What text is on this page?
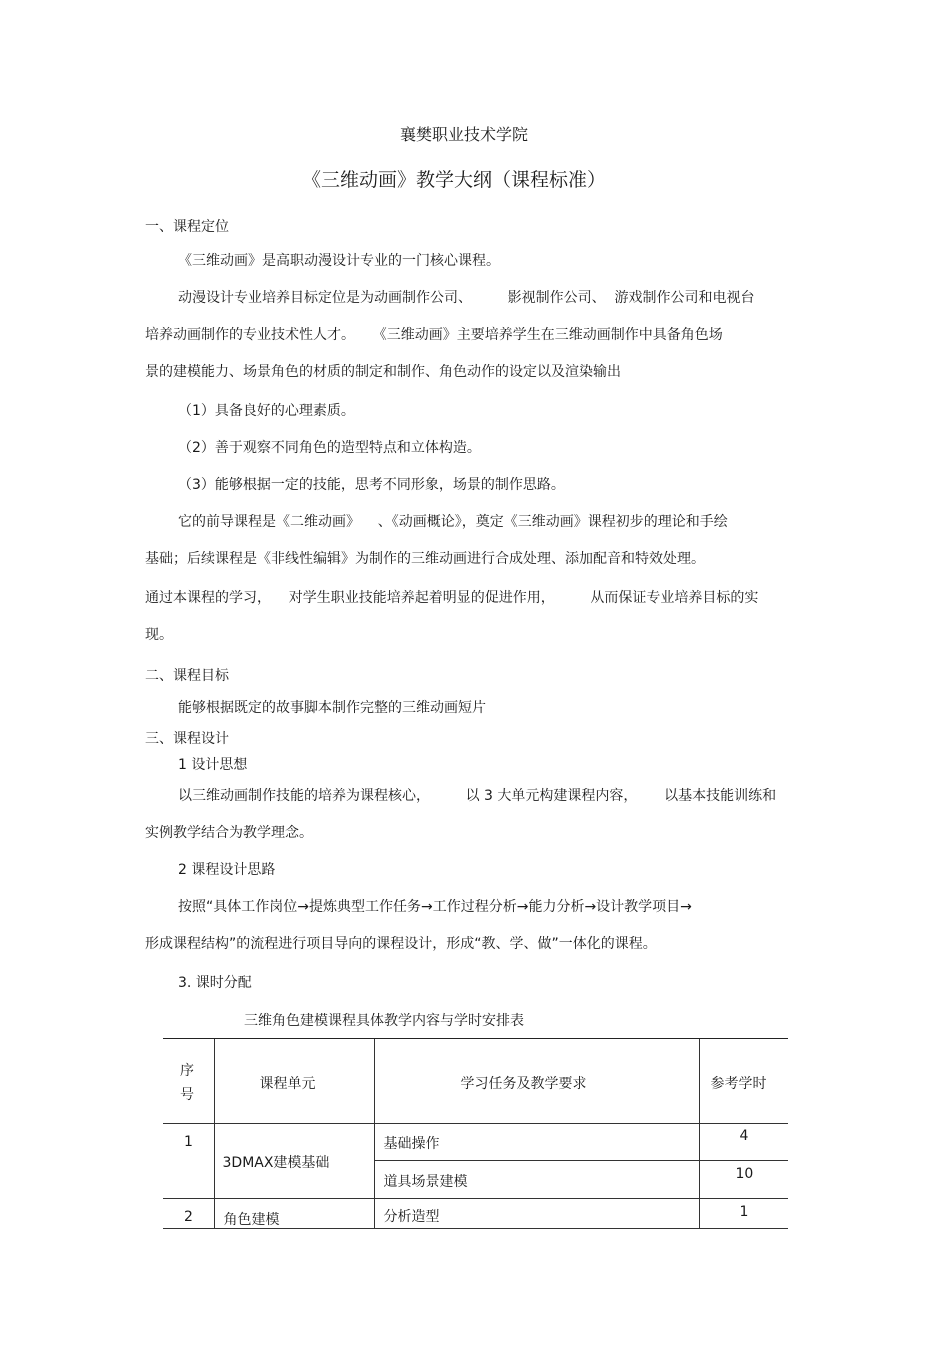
襄樊职业技术学院
《三维动画》教学大纲（课程标准）
一、课程定位
《三维动画》是高职动漫设计专业的一门核心课程。
动漫设计专业培养目标定位是为动画制作公司、        影视制作公司、  游戏制作公司和电视台
培养动画制作的专业技术性人才。    《三维动画》主要培养学生在三维动画制作中具备角色场
景的建模能力、场景角色的材质的制定和制作、角色动作的设定以及渲染输出
（1）具备良好的心理素质。
（2）善于观察不同角色的造型特点和立体构造。
（3）能够根据一定的技能，思考不同形象，场景的制作思路。
它的前导课程是《二维动画》    、《动画概论》，奠定《三维动画》课程初步的理论和手绘
基础；后续课程是《非线性编辑》为制作的三维动画进行合成处理、添加配音和特效处理。
通过本课程的学习，    对学生职业技能培养起着明显的促进作用，        从而保证专业培养目标的实
现。
二、课程目标
能够根据既定的故事脚本制作完整的三维动画短片
三、课程设计
1 设计思想
以三维动画制作技能的培养为课程核心，        以 3 大单元构建课程内容，      以基本技能训练和
实例教学结合为教学理念。
2 课程设计思路
按照“具体工作岗位→提炼典型工作任务→工作过程分析→能力分析→设计教学项目→
形成课程结构”的流程进行项目导向的课程设计，形成“教、学、做”一体化的课程。
3. 课时分配
三维角色建模课程具体教学内容与学时安排表
序
号	课程单元	学习任务及教学要求	参考学时

1	3DMAX建模基础	基础操作	4

		道具场景建模	10

2	角色建模	分析造型	1
